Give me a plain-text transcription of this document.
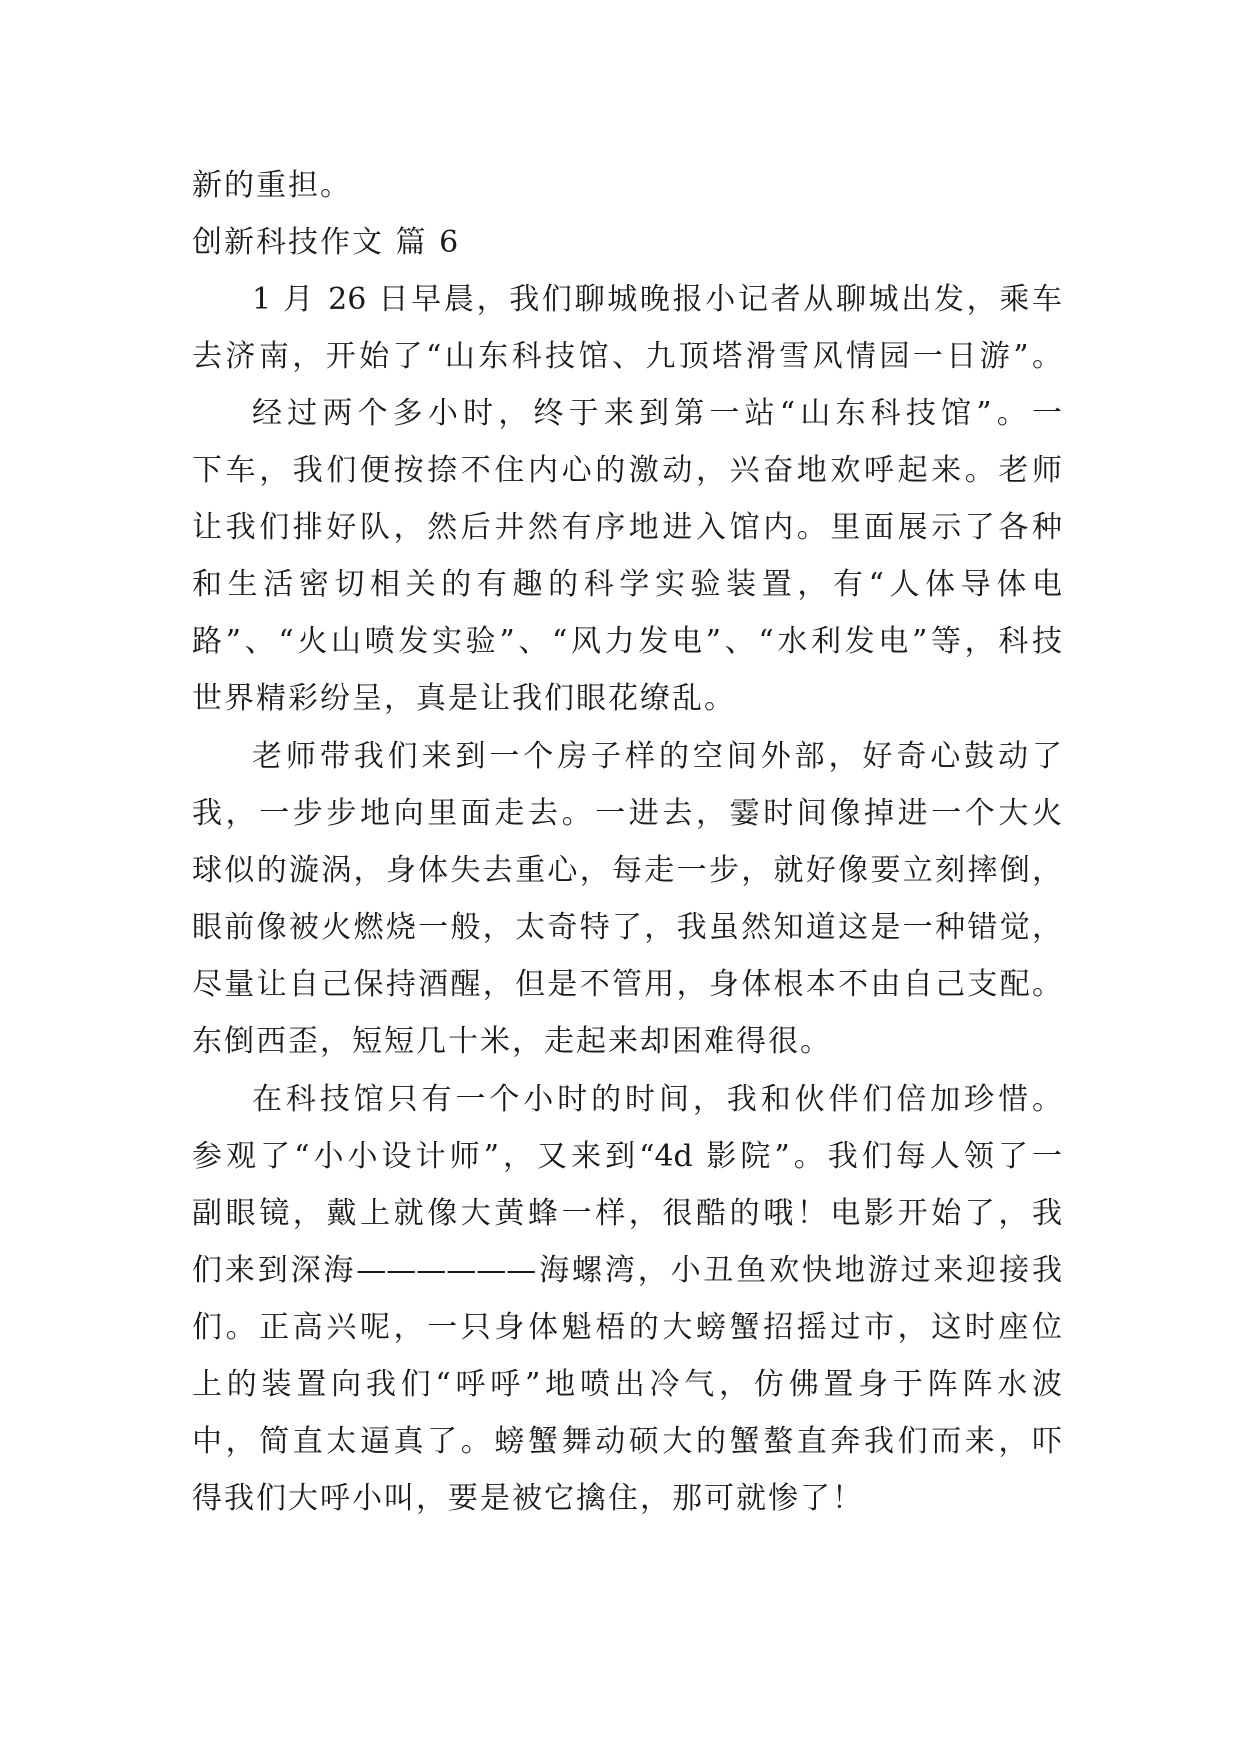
新的重担。
创新科技作文 篇 6
1 月 26 日早晨，我们聊城晚报小记者从聊城出发，乘车
去济南，开始了“山东科技馆、九顶塔滑雪风情园一日游”。
经过两个多小时，终于来到第一站“山东科技馆”。一
下车，我们便按捺不住内心的激动，兴奋地欢呼起来。老师
让我们排好队，然后井然有序地进入馆内。里面展示了各种
和生活密切相关的有趣的科学实验装置，有“人体导体电
路”、“火山喷发实验”、“风力发电”、“水利发电”等，科技
世界精彩纷呈，真是让我们眼花缭乱。
老师带我们来到一个房子样的空间外部，好奇心鼓动了
我，一步步地向里面走去。一进去，霎时间像掉进一个大火
球似的漩涡，身体失去重心，每走一步，就好像要立刻摔倒，
眼前像被火燃烧一般，太奇特了，我虽然知道这是一种错觉，
尽量让自己保持酒醒，但是不管用，身体根本不由自己支配。
东倒西歪，短短几十米，走起来却困难得很。
在科技馆只有一个小时的时间，我和伙伴们倍加珍惜。
参观了“小小设计师”，又来到“4d 影院”。我们每人领了一
副眼镜，戴上就像大黄蜂一样，很酷的哦！电影开始了，我
们来到深海——————海螺湾，小丑鱼欢快地游过来迎接我
们。正高兴呢，一只身体魁梧的大螃蟹招摇过市，这时座位
上的装置向我们“呼呼”地喷出冷气，仿佛置身于阵阵水波
中，简直太逼真了。螃蟹舞动硕大的蟹螯直奔我们而来，吓
得我们大呼小叫，要是被它擒住，那可就惨了！
